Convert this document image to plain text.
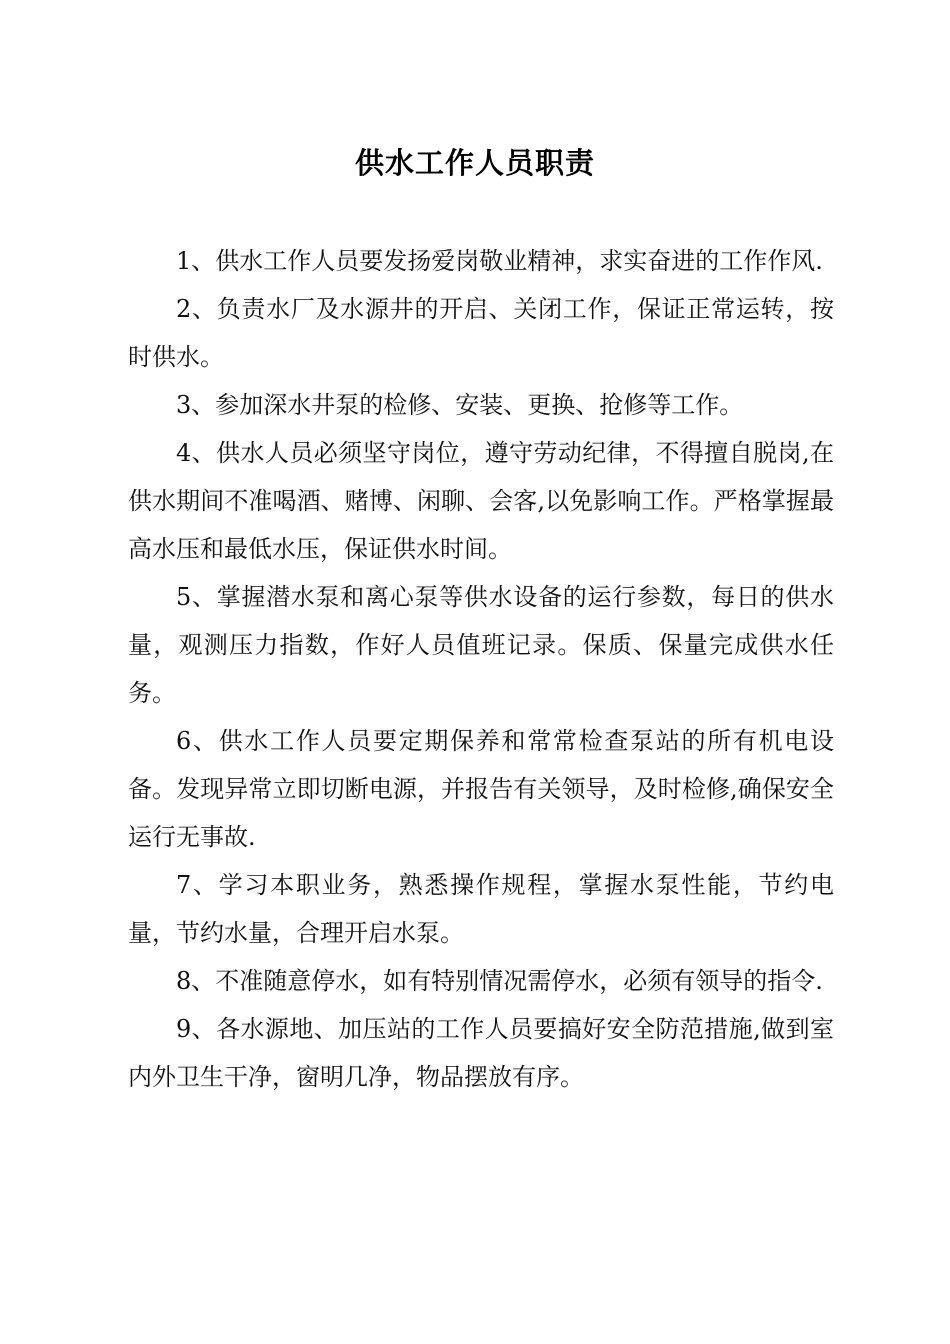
供水工作人员职责

1、供水工作人员要发扬爱岗敬业精神，求实奋进的工作作风.

2、负责水厂及水源井的开启、关闭工作，保证正常运转，按时供水。

3、参加深水井泵的检修、安装、更换、抢修等工作。

4、供水人员必须坚守岗位，遵守劳动纪律，不得擅自脱岗,在供水期间不准喝酒、赌博、闲聊、会客,以免影响工作。严格掌握最高水压和最低水压，保证供水时间。

5、掌握潜水泵和离心泵等供水设备的运行参数，每日的供水量，观测压力指数，作好人员值班记录。保质、保量完成供水任务。

6、供水工作人员要定期保养和常常检查泵站的所有机电设备。发现异常立即切断电源，并报告有关领导，及时检修,确保安全运行无事故.

7、学习本职业务，熟悉操作规程，掌握水泵性能，节约电量，节约水量，合理开启水泵。

8、不准随意停水，如有特别情况需停水，必须有领导的指令.

9、各水源地、加压站的工作人员要搞好安全防范措施,做到室内外卫生干净，窗明几净，物品摆放有序。
